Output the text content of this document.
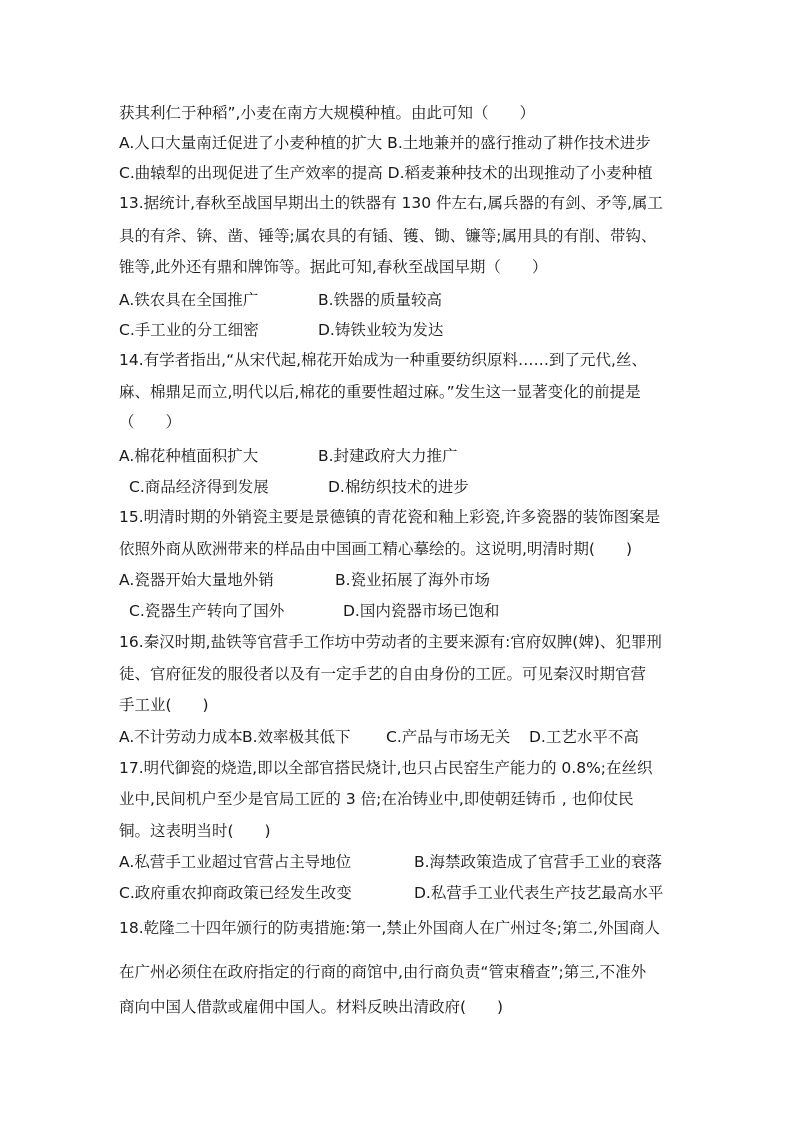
获其利仁于种稻”,小麦在南方大规模种植。由此可知（　　）
A.人口大量南迁促进了小麦种植的扩大 B.土地兼并的盛行推动了耕作技术进步
C.曲辕犁的出现促进了生产效率的提高 D.稻麦兼种技术的出现推动了小麦种植
13.据统计,春秋至战国早期出土的铁器有 130 件左右,属兵器的有剑、矛等,属工
具的有斧、锛、凿、锤等;属农具的有锸、镬、锄、镰等;属用具的有削、带钩、
锥等,此外还有鼎和牌饰等。据此可知,春秋至战国早期（　　）
A.铁农具在全国推广	B.铁器的质量较高
C.手工业的分工细密	D.铸铁业较为发达
14.有学者指出,“从宋代起,棉花开始成为一种重要纺织原料……到了元代,丝、
麻、棉鼎足而立,明代以后,棉花的重要性超过麻。”发生这一显著变化的前提是
（　　）
A.棉花种植面积扩大	B.封建政府大力推广
C.商品经济得到发展	D.棉纺织技术的进步
15.明清时期的外销瓷主要是景德镇的青花瓷和釉上彩瓷,许多瓷器的装饰图案是
依照外商从欧洲带来的样品由中国画工精心摹绘的。这说明,明清时期(　　)
A.瓷器开始大量地外销	B.瓷业拓展了海外市场
C.瓷器生产转向了国外	D.国内瓷器市场已饱和
16.秦汉时期,盐铁等官营手工作坊中劳动者的主要来源有:官府奴脾(婢)、犯罪刑
徒、官府征发的服役者以及有一定手艺的自由身份的工匠。可见秦汉时期官营
手工业(　　)
A.不计劳动力成本 B.效率极其低下 C.产品与市场无关 D.工艺水平不高
17.明代御瓷的烧造,即以全部官搭民烧计,也只占民窑生产能力的 0.8%;在丝织
业中,民间机户至少是官局工匠的 3 倍;在冶铸业中,即使朝廷铸币 , 也仰仗民
铜。这表明当时(　　)
A.私营手工业超过官营占主导地位	B.海禁政策造成了官营手工业的衰落
C.政府重农抑商政策已经发生改变	D.私营手工业代表生产技艺最高水平
18.乾隆二十四年颁行的防夷措施:第一,禁止外国商人在广州过冬;第二,外国商人
在广州必须住在政府指定的行商的商馆中,由行商负责“管束稽查”;第三,不准外
商向中国人借款或雇佣中国人。材料反映出清政府(　　)
